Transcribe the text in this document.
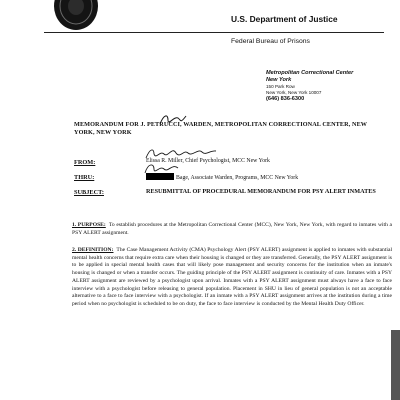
U.S. Department of Justice
Federal Bureau of Prisons
Metropolitan Correctional Center
New York
150 Park Row
New York, New York 10007
(646) 836-6300
MEMORANDUM FOR J. PETRUCCI, WARDEN, METROPOLITAN CORRECTIONAL CENTER, NEW YORK, NEW YORK
FROM:	Elissa R. Miller, Chief Psychologist, MCC New York
THRU:	Bage, Associate Warden, Programs, MCC New York
SUBJECT:	RESUBMITTAL OF PROCEDURAL MEMORANDUM FOR PSY ALERT INMATES
1. PURPOSE: To establish procedures at the Metropolitan Correctional Center (MCC), New York, New York, with regard to inmates with a PSY ALERT assignment.
2. DEFINITION: The Case Management Activity (CMA) Psychology Alert (PSY ALERT) assignment is applied to inmates with substantial mental health concerns that require extra care when their housing is changed or they are transferred. Generally, the PSY ALERT assignment is to be applied in special mental health cases that will likely pose management and security concerns for the institution when an inmate's housing is changed or when a transfer occurs. The guiding principle of the PSY ALERT assignment is continuity of care. Inmates with a PSY ALERT assignment are reviewed by a psychologist upon arrival. Inmates with a PSY ALERT assignment must always have a face to face interview with a psychologist before releasing to general population. Placement in SHU in lieu of general population is not an acceptable alternative to a face to face interview with a psychologist. If an inmate with a PSY ALERT assignment arrives at the institution during a time period when no psychologist is scheduled to be on duty, the face to face interview is conducted by the Mental Health Duty Officer.
